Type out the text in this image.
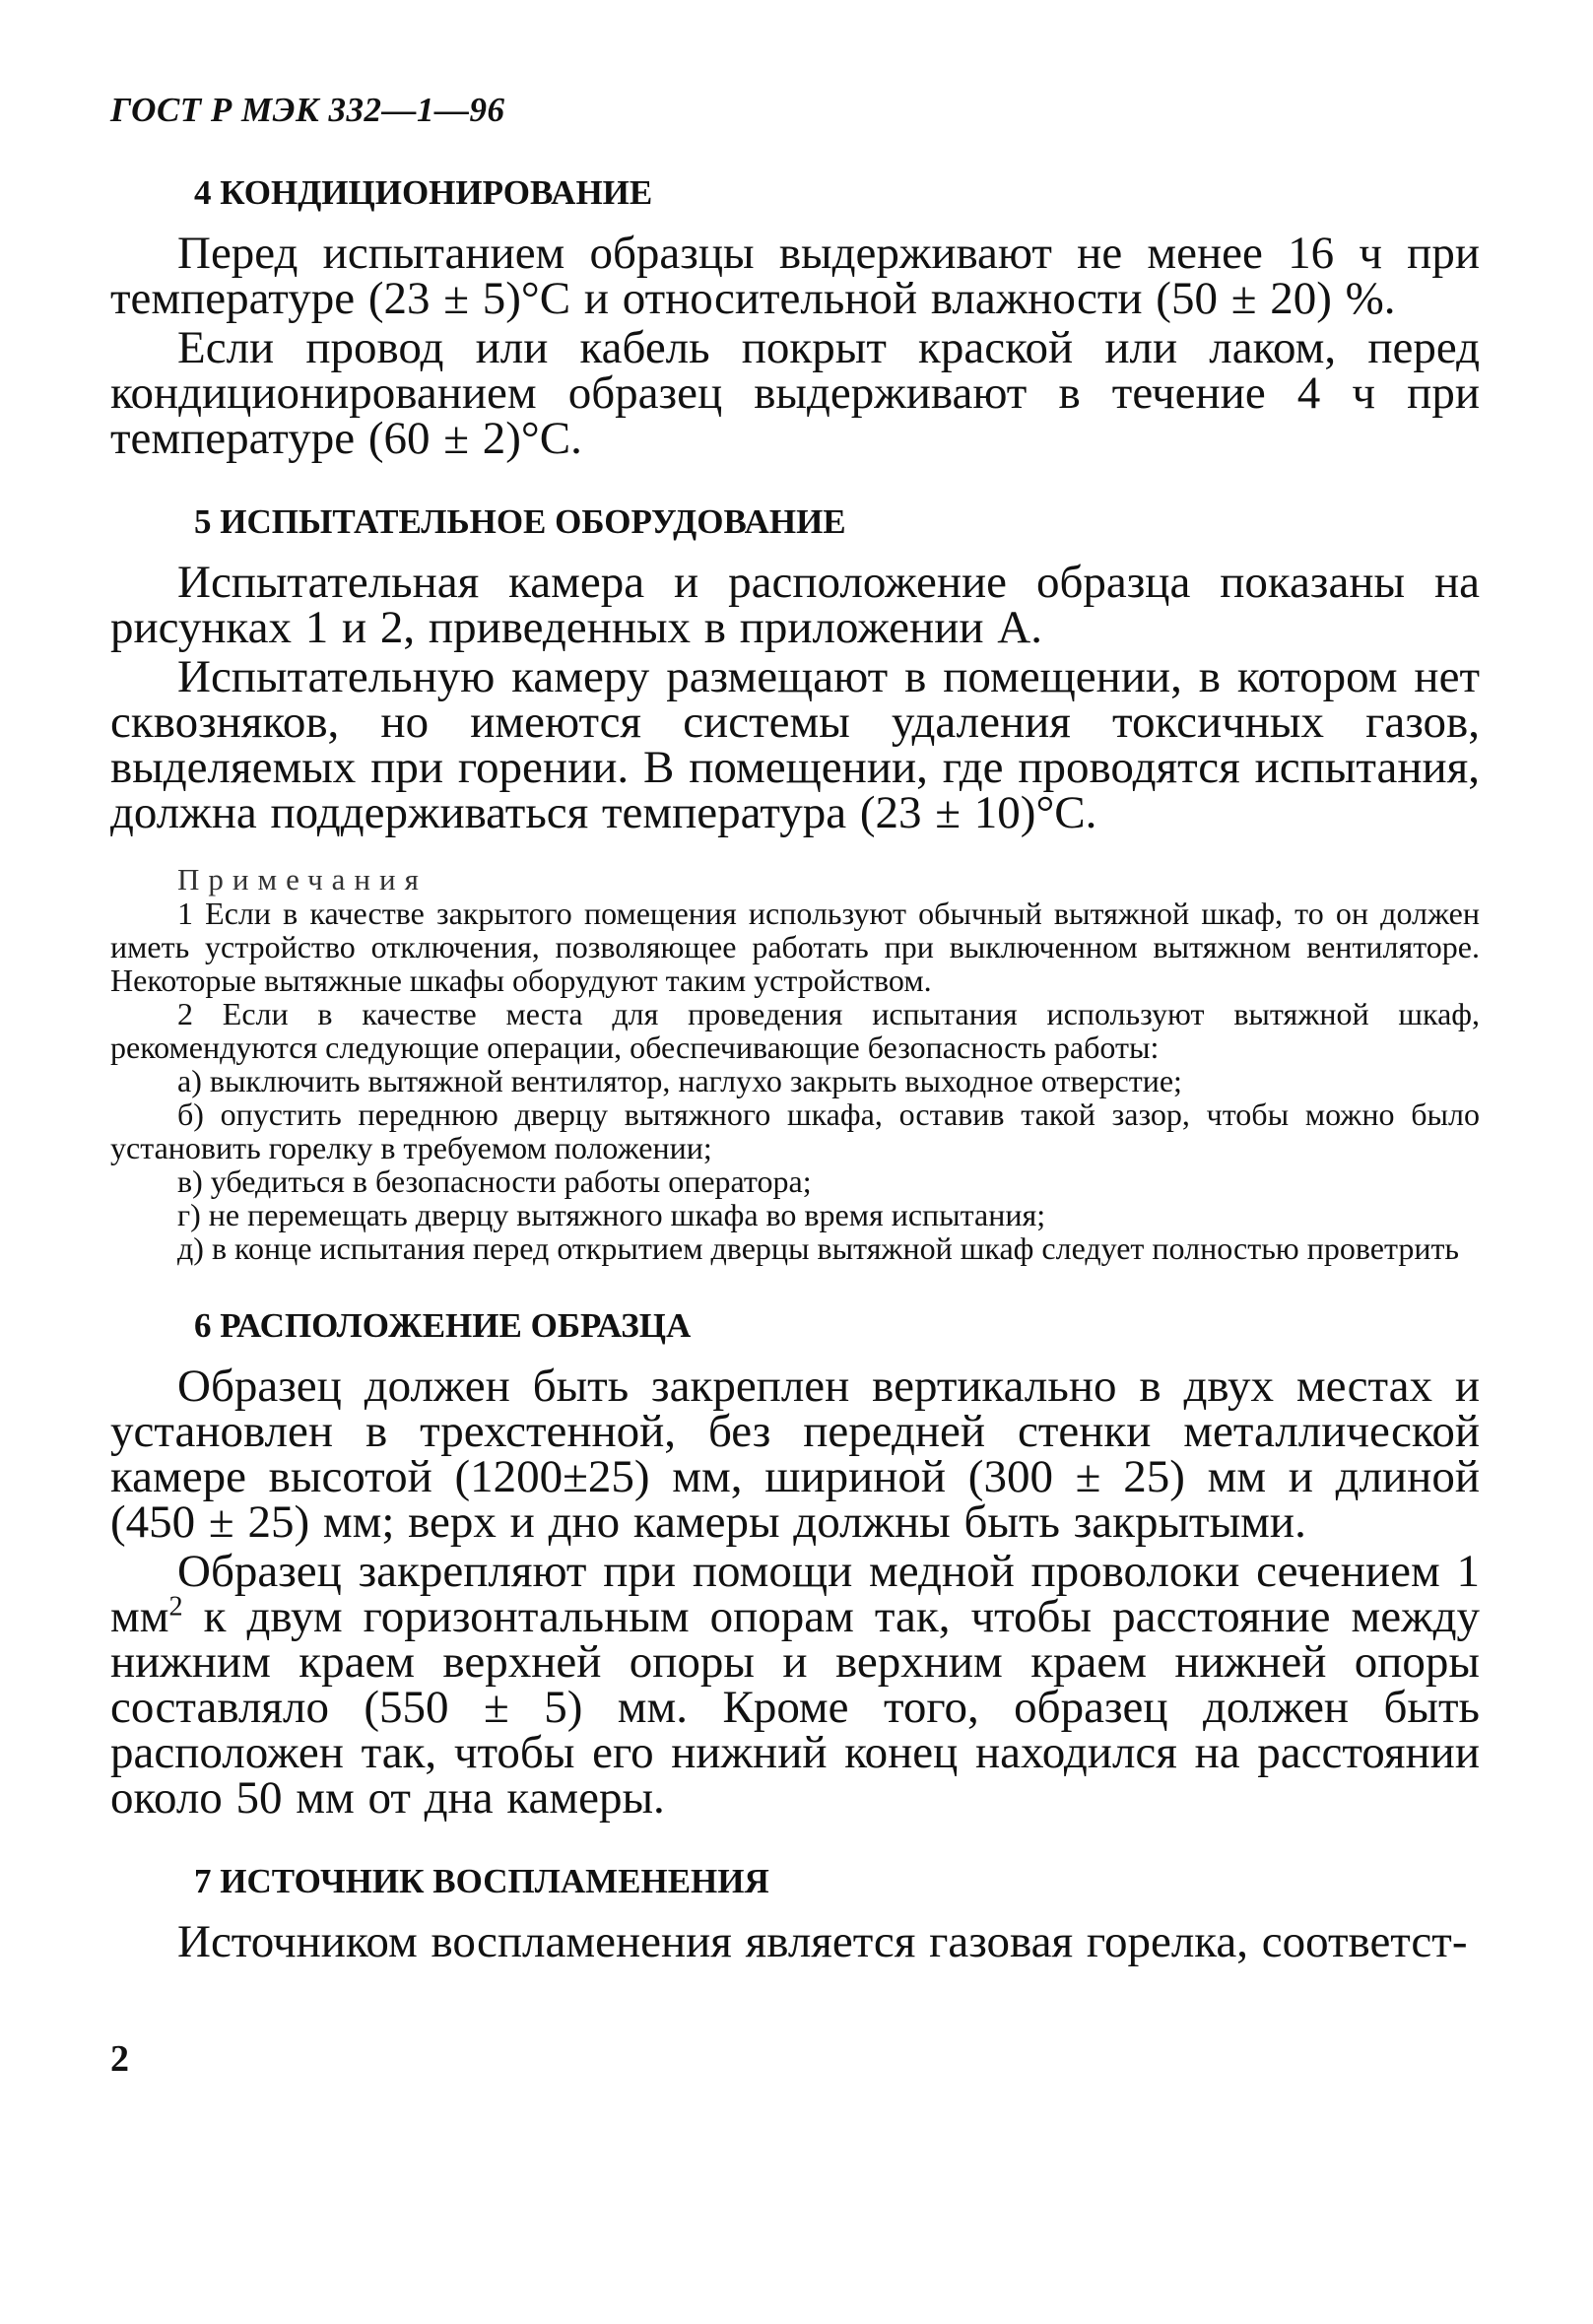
ГОСТ Р МЭК 332—1—96
4 КОНДИЦИОНИРОВАНИЕ

Перед испытанием образцы выдерживают не менее 16 ч при температуре (23 ± 5)°С и относительной влажности (50 ± 20) %.

Если провод или кабель покрыт краской или лаком, перед кондиционированием образец выдерживают в течение 4 ч при температуре (60 ± 2)°С.

5 ИСПЫТАТЕЛЬНОЕ ОБОРУДОВАНИЕ

Испытательная камера и расположение образца показаны на рисунках 1 и 2, приведенных в приложении А.

Испытательную камеру размещают в помещении, в котором нет сквозняков, но имеются системы удаления токсичных газов, выделяемых при горении. В помещении, где проводятся испытания, должна поддерживаться температура (23 ± 10)°С.

Примечания

1 Если в качестве закрытого помещения используют обычный вытяжной шкаф, то он должен иметь устройство отключения, позволяющее работать при выключенном вытяжном вентиляторе. Некоторые вытяжные шкафы оборудуют таким устройством.

2 Если в качестве места для проведения испытания используют вытяжной шкаф, рекомендуются следующие операции, обеспечивающие безопасность работы:

а) выключить вытяжной вентилятор, наглухо закрыть выходное отверстие;

б) опустить переднюю дверцу вытяжного шкафа, оставив такой зазор, чтобы можно было установить горелку в требуемом положении;

в) убедиться в безопасности работы оператора;

г) не перемещать дверцу вытяжного шкафа во время испытания;

д) в конце испытания перед открытием дверцы вытяжной шкаф следует полностью проветрить

6 РАСПОЛОЖЕНИЕ ОБРАЗЦА

Образец должен быть закреплен вертикально в двух местах и установлен в трехстенной, без передней стенки металлической камере высотой (1200±25) мм, шириной (300 ± 25) мм и длиной (450 ± 25) мм; верх и дно камеры должны быть закрытыми.

Образец закрепляют при помощи медной проволоки сечением 1 $мм^2$ к двум горизонтальным опорам так, чтобы расстояние между нижним краем верхней опоры и верхним краем нижней опоры составляло (550 ± 5) мм. Кроме того, образец должен быть расположен так, чтобы его нижний конец находился на расстоянии около 50 мм от дна камеры.

7 ИСТОЧНИК ВОСПЛАМЕНЕНИЯ

Источником воспламенения является газовая горелка, соответст-

2
